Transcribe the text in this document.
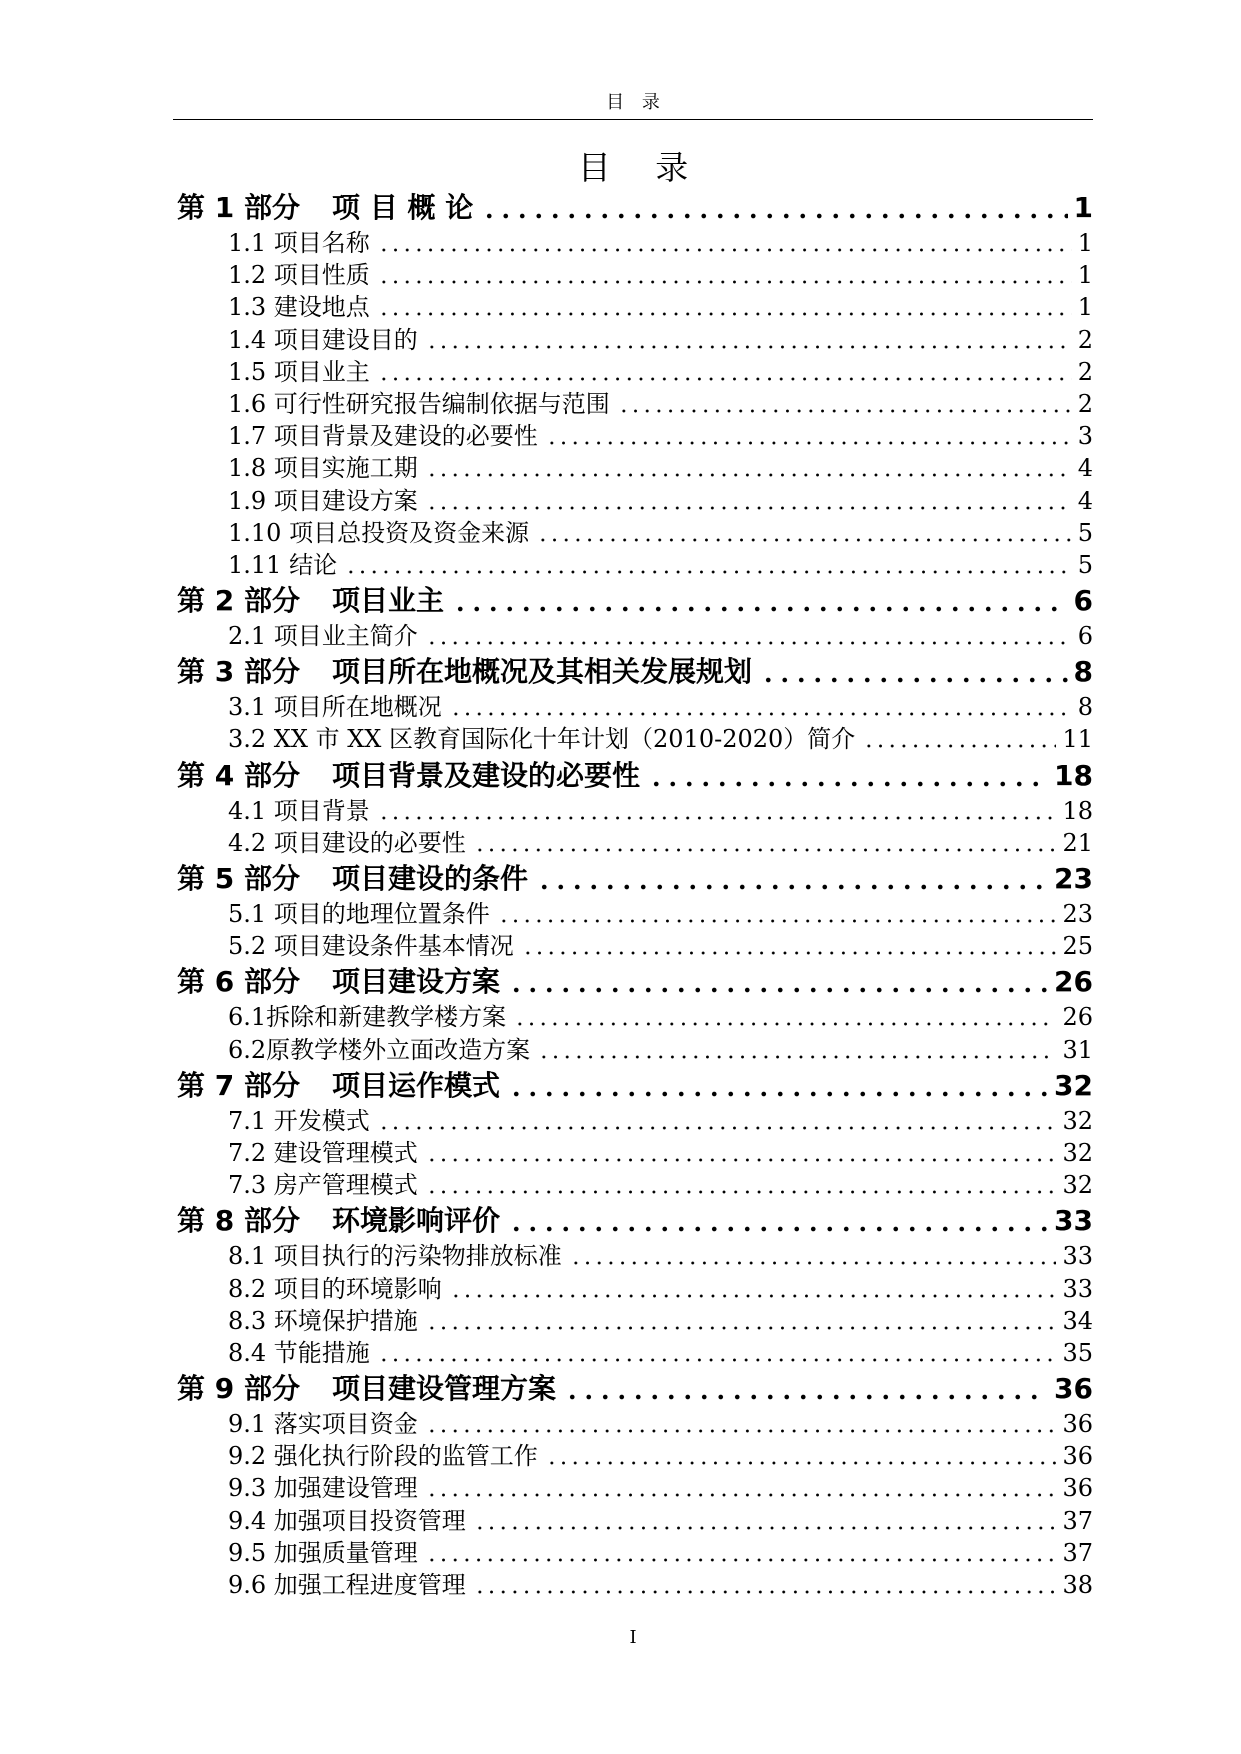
目 录
目 录
第 1 部分 项 目 概 论	1
1.1 项目名称	1
1.2 项目性质	1
1.3 建设地点	1
1.4 项目建设目的	2
1.5 项目业主	2
1.6 可行性研究报告编制依据与范围	2
1.7 项目背景及建设的必要性	3
1.8 项目实施工期	4
1.9 项目建设方案	4
1.10 项目总投资及资金来源	5
1.11 结论	5
第 2 部分 项目业主	6
2.1 项目业主简介	6
第 3 部分 项目所在地概况及其相关发展规划	8
3.1 项目所在地概况	8
3.2 XX 市 XX 区教育国际化十年计划（2010-2020）简介	11
第 4 部分 项目背景及建设的必要性	18
4.1 项目背景	18
4.2 项目建设的必要性	21
第 5 部分 项目建设的条件	23
5.1 项目的地理位置条件	23
5.2 项目建设条件基本情况	25
第 6 部分 项目建设方案	26
6.1拆除和新建教学楼方案	26
6.2原教学楼外立面改造方案	31
第 7 部分 项目运作模式	32
7.1 开发模式	32
7.2 建设管理模式	32
7.3 房产管理模式	32
第 8 部分 环境影响评价	33
8.1 项目执行的污染物排放标准	33
8.2 项目的环境影响	33
8.3 环境保护措施	34
8.4 节能措施	35
第 9 部分 项目建设管理方案	36
9.1 落实项目资金	36
9.2 强化执行阶段的监管工作	36
9.3 加强建设管理	36
9.4 加强项目投资管理	37
9.5 加强质量管理	37
9.6 加强工程进度管理	38
I
